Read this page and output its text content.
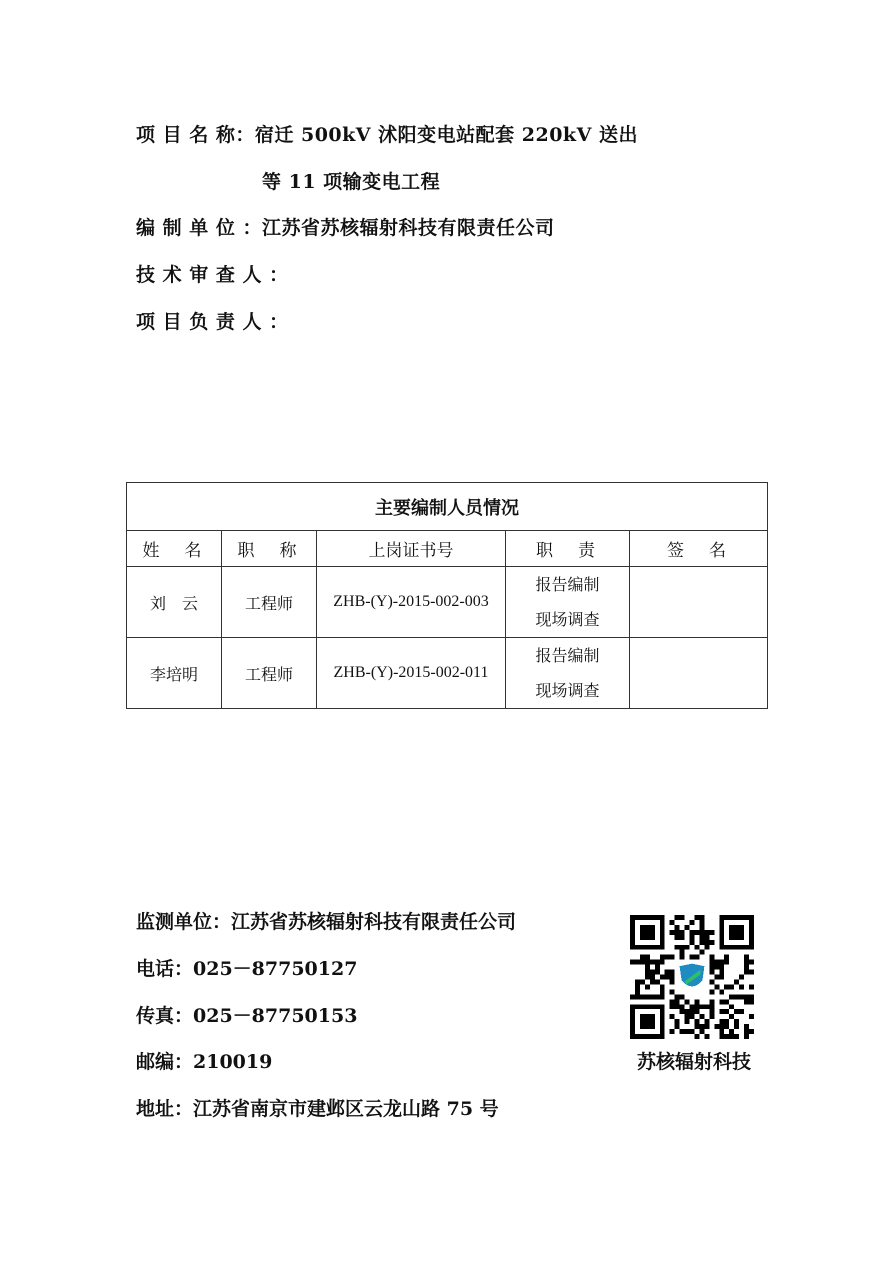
项 目 名 称：宿迁 500kV 沭阳变电站配套 220kV 送出
等 11 项输变电工程
编 制 单 位 ：江苏省苏核辐射科技有限责任公司
技 术 审 查 人 ：
项 目 负 责 人 ：
主要编制人员情况				
姓　名	职　称	上岗证书号	职　责	签　名
刘　云	工程师	ZHB-(Y)-2015-002-003	报告编制
现场调查	

李培明	工程师	ZHB-(Y)-2015-002-011	报告编制
现场调查	

监测单位：江苏省苏核辐射科技有限责任公司
电话：025－87750127
传真：025－87750153
邮编：210019
地址：江苏省南京市建邺区云龙山路 75 号
苏核辐射科技
